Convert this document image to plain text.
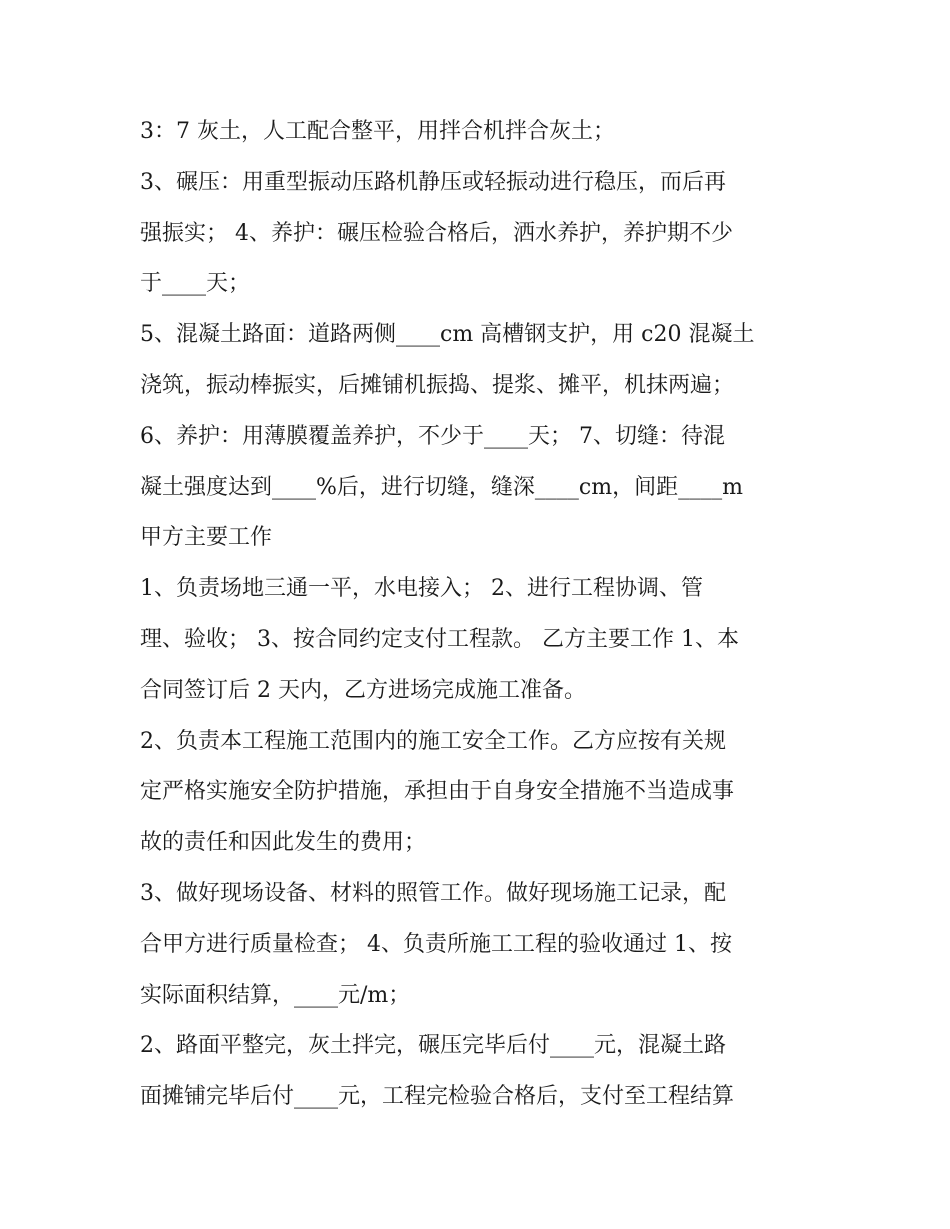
3：7 灰土，人工配合整平，用拌合机拌合灰土；
3、碾压：用重型振动压路机静压或轻振动进行稳压，而后再
强振实； 4、养护：碾压检验合格后，洒水养护，养护期不少
于____天；
5、混凝土路面：道路两侧____cm 高槽钢支护，用 c20 混凝土
浇筑，振动棒振实，后摊铺机振捣、提浆、摊平，机抹两遍；
6、养护：用薄膜覆盖养护，不少于____天； 7、切缝：待混
凝土强度达到____%后，进行切缝，缝深____cm，间距____m
甲方主要工作
1、负责场地三通一平，水电接入； 2、进行工程协调、管
理、验收； 3、按合同约定支付工程款。 乙方主要工作 1、本
合同签订后 2 天内，乙方进场完成施工准备。
2、负责本工程施工范围内的施工安全工作。乙方应按有关规
定严格实施安全防护措施，承担由于自身安全措施不当造成事
故的责任和因此发生的费用；
3、做好现场设备、材料的照管工作。做好现场施工记录，配
合甲方进行质量检查； 4、负责所施工工程的验收通过 1、按
实际面积结算，____元/m；
2、路面平整完，灰土拌完，碾压完毕后付____元，混凝土路
面摊铺完毕后付____元，工程完检验合格后，支付至工程结算
